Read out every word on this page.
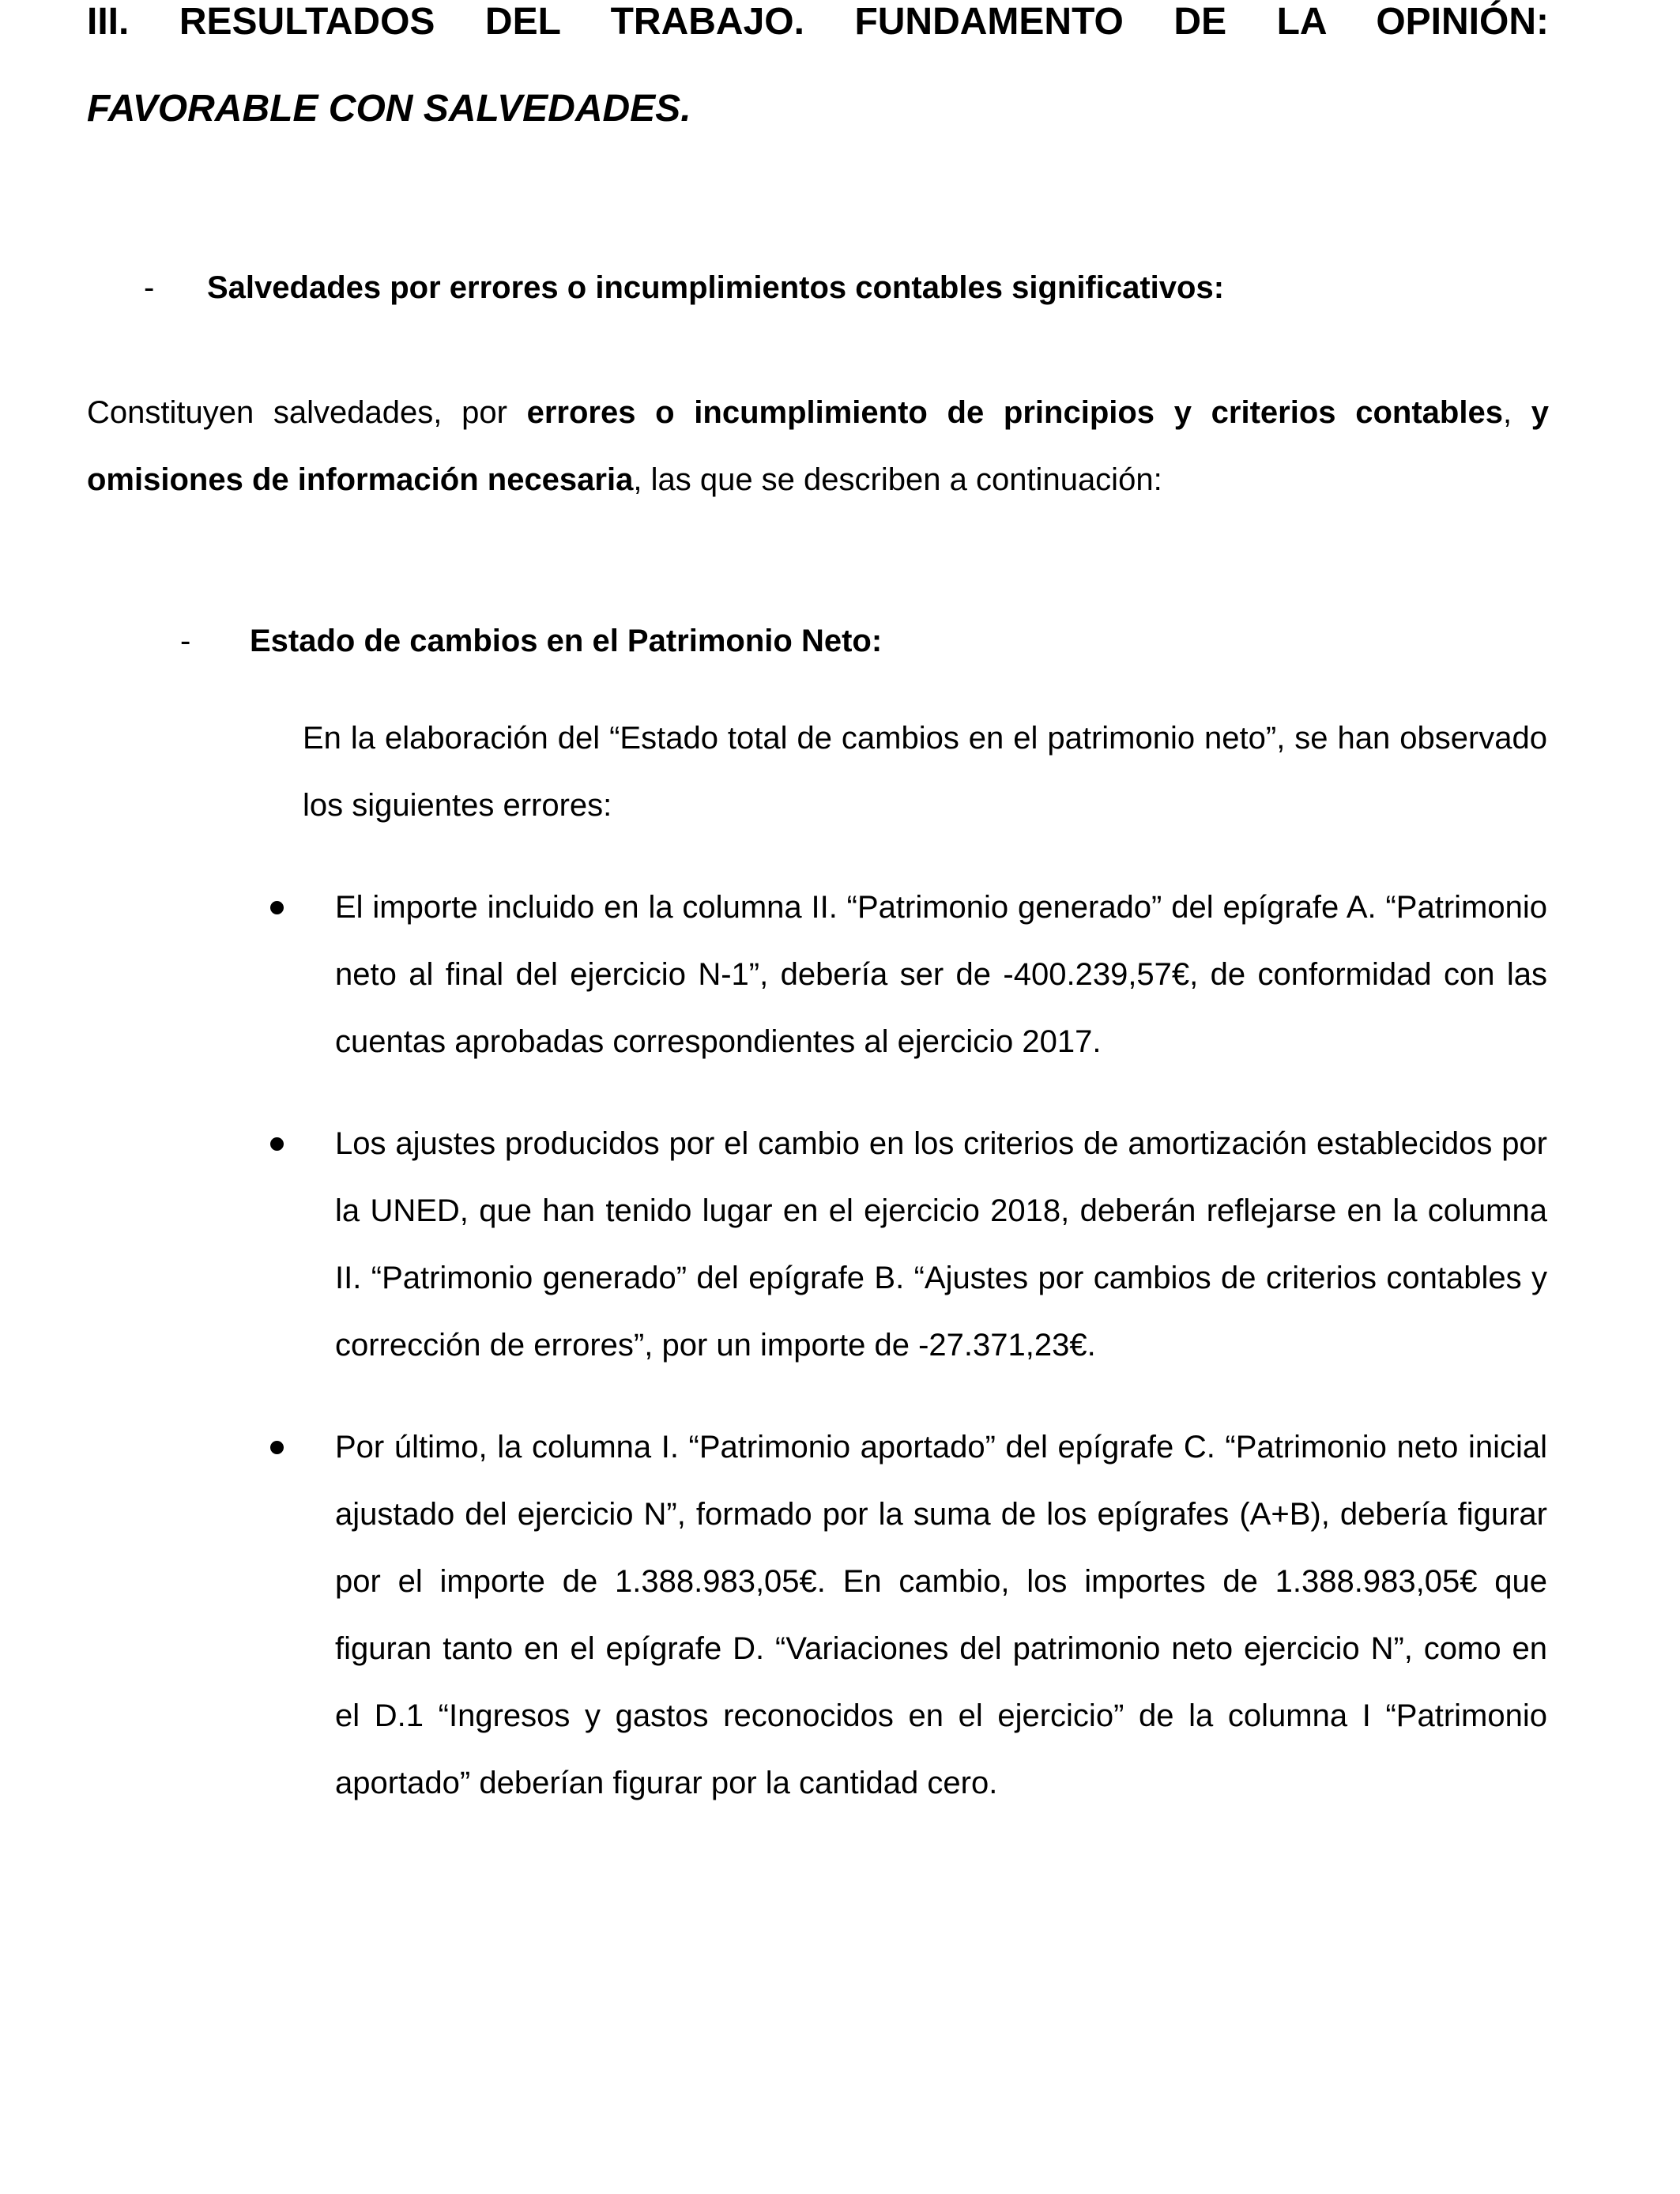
III. RESULTADOS DEL TRABAJO. FUNDAMENTO DE LA OPINIÓN:
FAVORABLE CON SALVEDADES.
-	Salvedades por errores o incumplimientos contables significativos:

Constituyen salvedades, por errores o incumplimiento de principios y criterios contables, y omisiones de información necesaria, las que se describen a continuación:

-	Estado de cambios en el Patrimonio Neto:

En la elaboración del “Estado total de cambios en el patrimonio neto”, se han observado los siguientes errores:

El importe incluido en la columna II. “Patrimonio generado” del epígrafe A. “Patrimonio neto al final del ejercicio N-1”, debería ser de -400.239,57€, de conformidad con las cuentas aprobadas correspondientes al ejercicio 2017.

Los ajustes producidos por el cambio en los criterios de amortización establecidos por la UNED, que han tenido lugar en el ejercicio 2018, deberán reflejarse en la columna II. “Patrimonio generado” del epígrafe B. “Ajustes por cambios de criterios contables y corrección de errores”, por un importe de -27.371,23€.

Por último, la columna I. “Patrimonio aportado” del epígrafe C. “Patrimonio neto inicial ajustado del ejercicio N”, formado por la suma de los epígrafes (A+B), debería figurar por el importe de 1.388.983,05€. En cambio, los importes de 1.388.983,05€ que figuran tanto en el epígrafe D. “Variaciones del patrimonio neto ejercicio N”, como en el D.1 “Ingresos y gastos reconocidos en el ejercicio” de la columna I “Patrimonio aportado” deberían figurar por la cantidad cero.
